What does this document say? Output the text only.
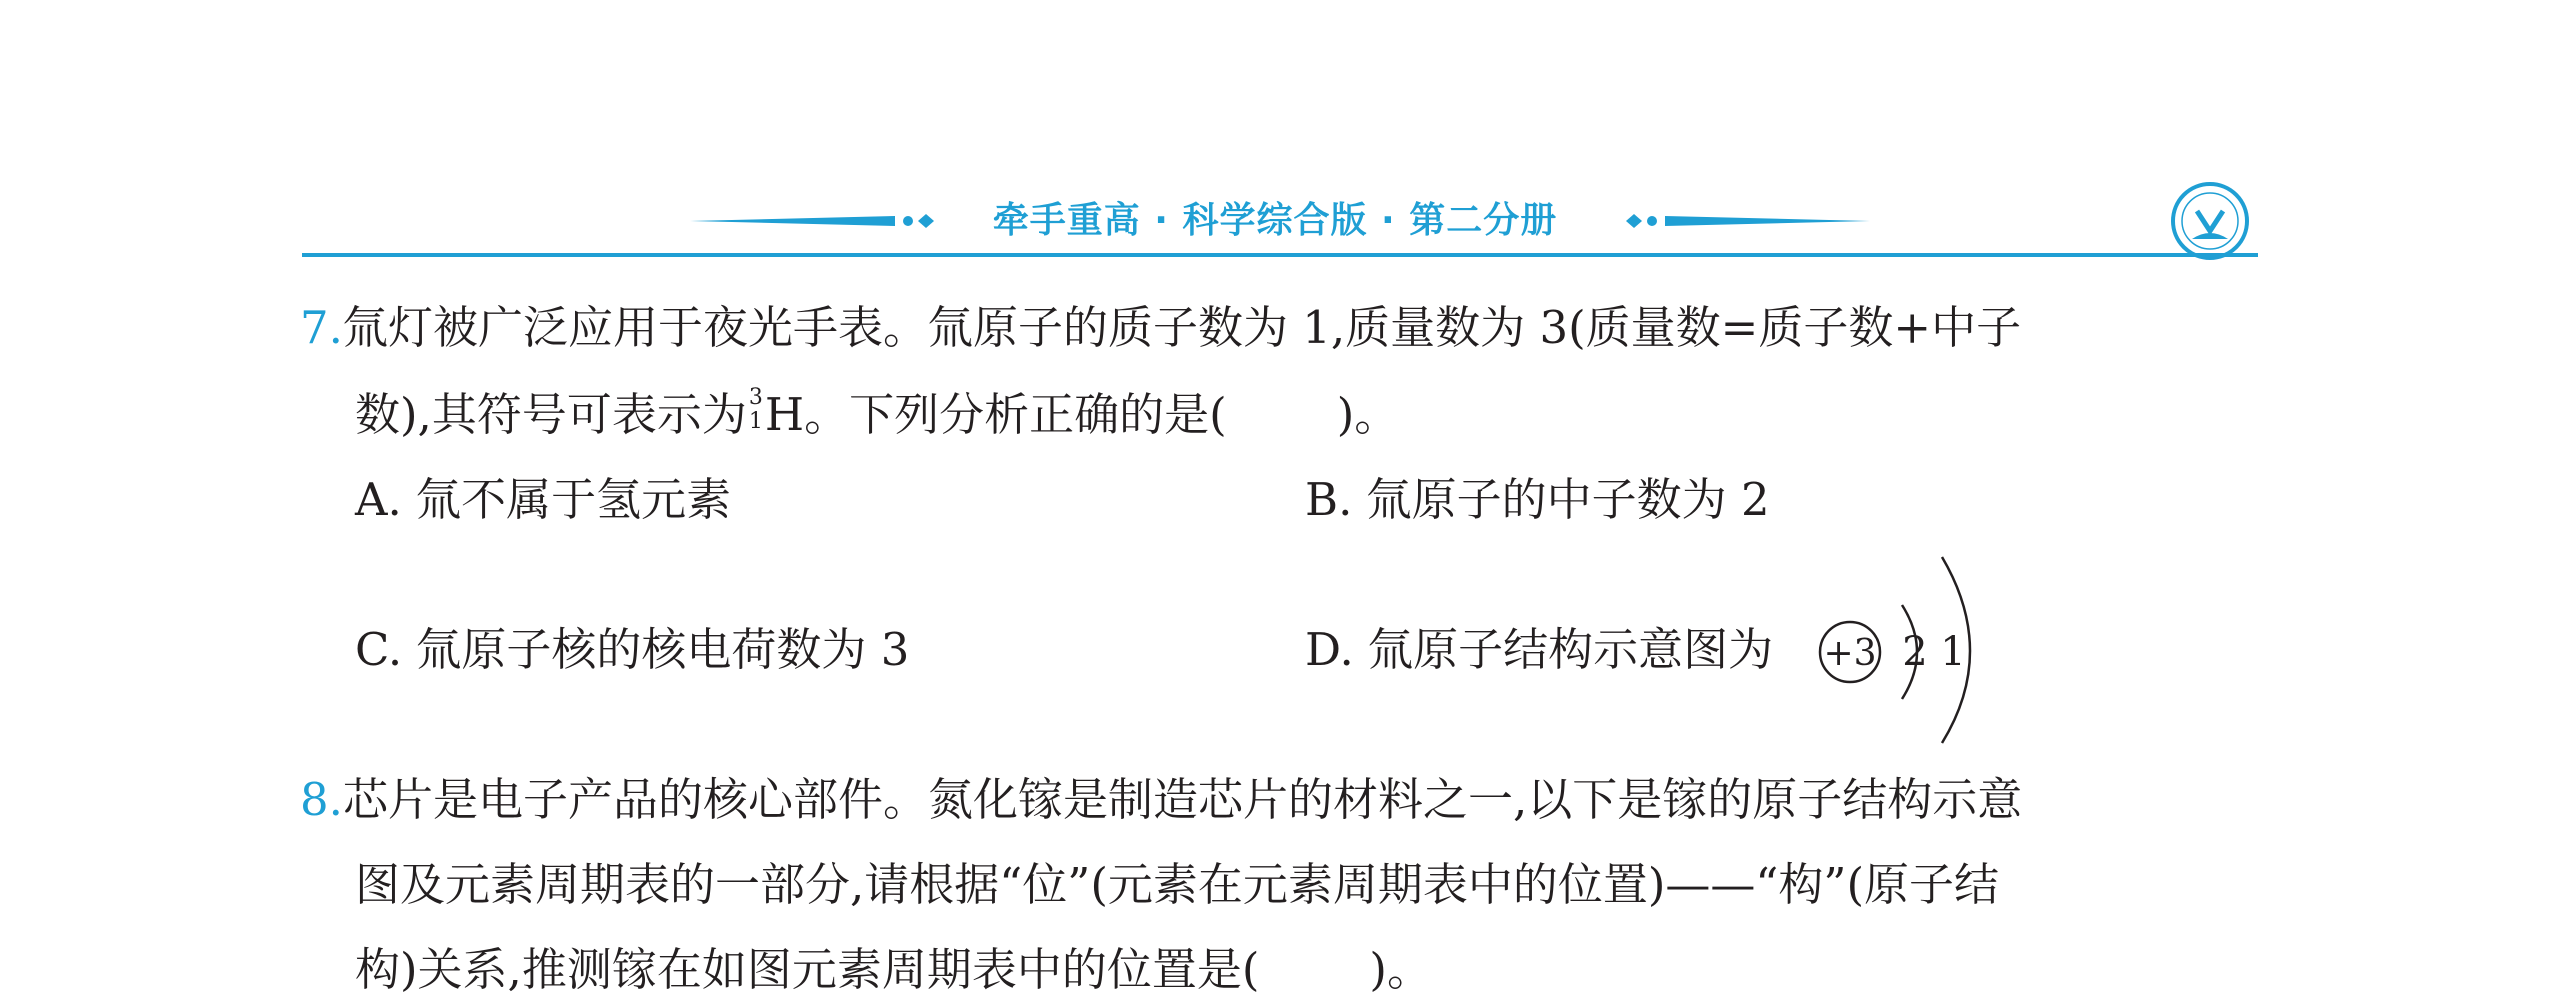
牵手重高 · 科学综合版 · 第二分册
7.氚灯被广泛应用于夜光手表。氚原子的质子数为 1,质量数为 3(质量数=质子数+中子
数),其符号可表示为 3
1 H。下列分析正确的是( )。
A. 氚不属于氢元素	B. 氚原子的中子数为 2
C. 氚原子核的核电荷数为 3	D. 氚原子结构示意图为 +3 2 1
8.芯片是电子产品的核心部件。氮化镓是制造芯片的材料之一,以下是镓的原子结构示意
图及元素周期表的一部分,请根据“位”(元素在元素周期表中的位置)——“构”(原子结
构)关系,推测镓在如图元素周期表中的位置是( )。
